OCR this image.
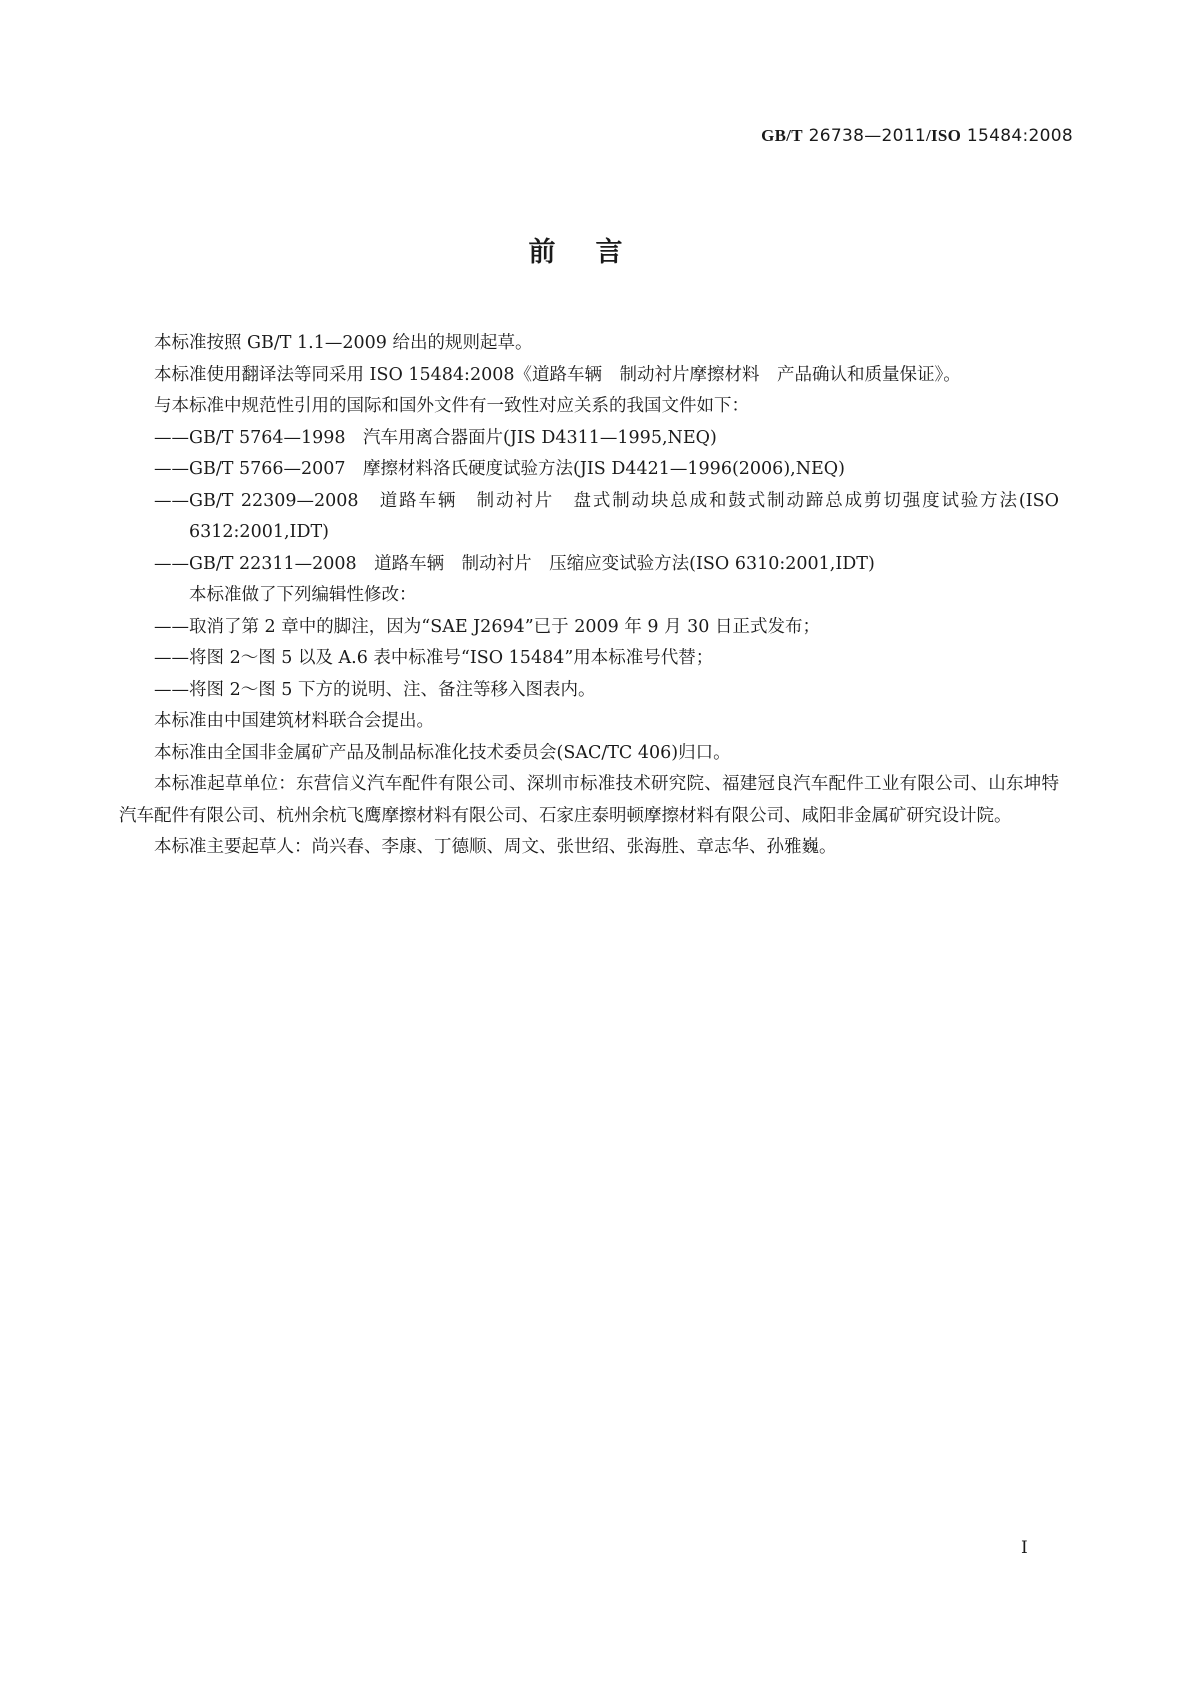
GB/T 26738—2011/ISO 15484:2008
前言

本标准按照 GB/T 1.1—2009 给出的规则起草。

本标准使用翻译法等同采用 ISO 15484:2008《道路车辆　制动衬片摩擦材料　产品确认和质量保证》。

与本标准中规范性引用的国际和国外文件有一致性对应关系的我国文件如下：

——GB/T 5764—1998　汽车用离合器面片(JIS D4311—1995,NEQ)

——GB/T 5766—2007　摩擦材料洛氏硬度试验方法(JIS D4421—1996(2006),NEQ)

——GB/T 22309—2008　道路车辆　制动衬片　盘式制动块总成和鼓式制动蹄总成剪切强度试验方法(ISO 6312:2001,IDT)

——GB/T 22311—2008　道路车辆　制动衬片　压缩应变试验方法(ISO 6310:2001,IDT)

本标准做了下列编辑性修改：

——取消了第 2 章中的脚注，因为“SAE J2694”已于 2009 年 9 月 30 日正式发布；

——将图 2～图 5 以及 A.6 表中标准号“ISO 15484”用本标准号代替；

——将图 2～图 5 下方的说明、注、备注等移入图表内。

本标准由中国建筑材料联合会提出。

本标准由全国非金属矿产品及制品标准化技术委员会(SAC/TC 406)归口。

本标准起草单位：东营信义汽车配件有限公司、深圳市标准技术研究院、福建冠良汽车配件工业有限公司、山东坤特汽车配件有限公司、杭州余杭飞鹰摩擦材料有限公司、石家庄泰明顿摩擦材料有限公司、咸阳非金属矿研究设计院。

本标准主要起草人：尚兴春、李康、丁德顺、周文、张世绍、张海胜、章志华、孙雅巍。

I
